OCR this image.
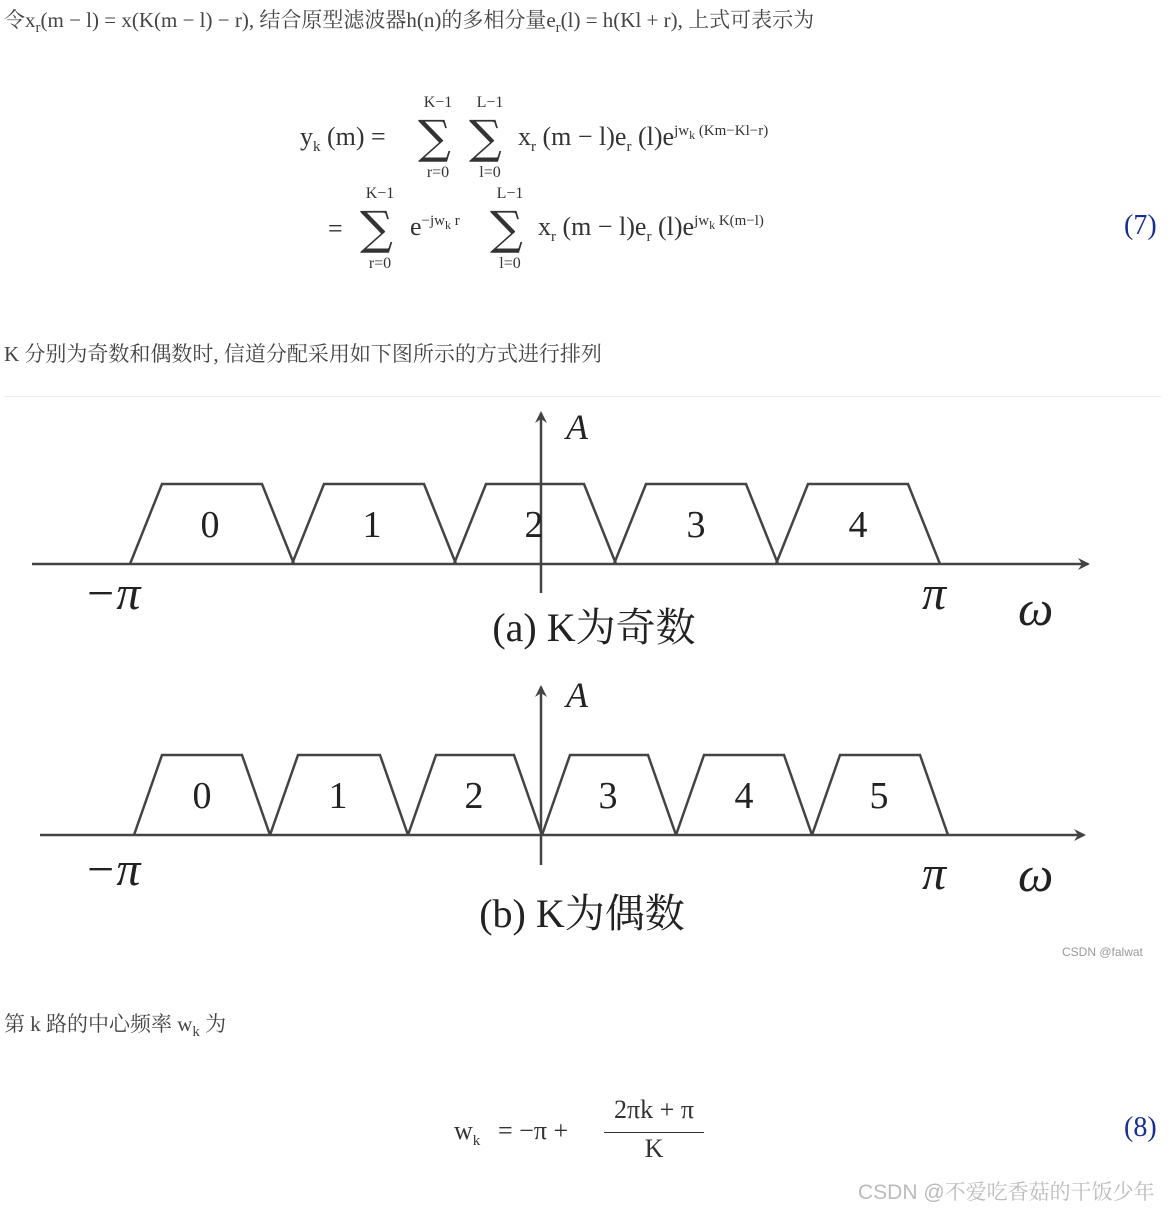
令$x_r(m - l) = x(K(m - l) - r)$, 结合原型滤波器h(n)的多相分量$e_r(l) = h(Kl + r)$, 上式可表示为
$y_k$ (m) =
K−1
∑
r=0
L−1
∑
l=0
$x_r$ $(m - l)e_r$ $(l)e^{jw_k (Km-Kl-r)}$
=
K−1
∑
r=0
$e^{-jw_k r}$
L−1
∑
l=0
$x_r$ $(m - l)e_r$ $(l)e^{jw_k K(m-l)}$	(7)
K 分别为奇数和偶数时, 信道分配采用如下图所示的方式进行排列
0	1	2	3	4
A
−π	π ω
(a) K为奇数
0	1	2	3	4	5
A
−π	π ω
(b) K为偶数
CSDN @falwat
第 k 路的中心频率 $w_k$ 为
$w_k = -\pi$ +
2πk + π
K
(8)
CSDN @不爱吃香菇的干饭少年
